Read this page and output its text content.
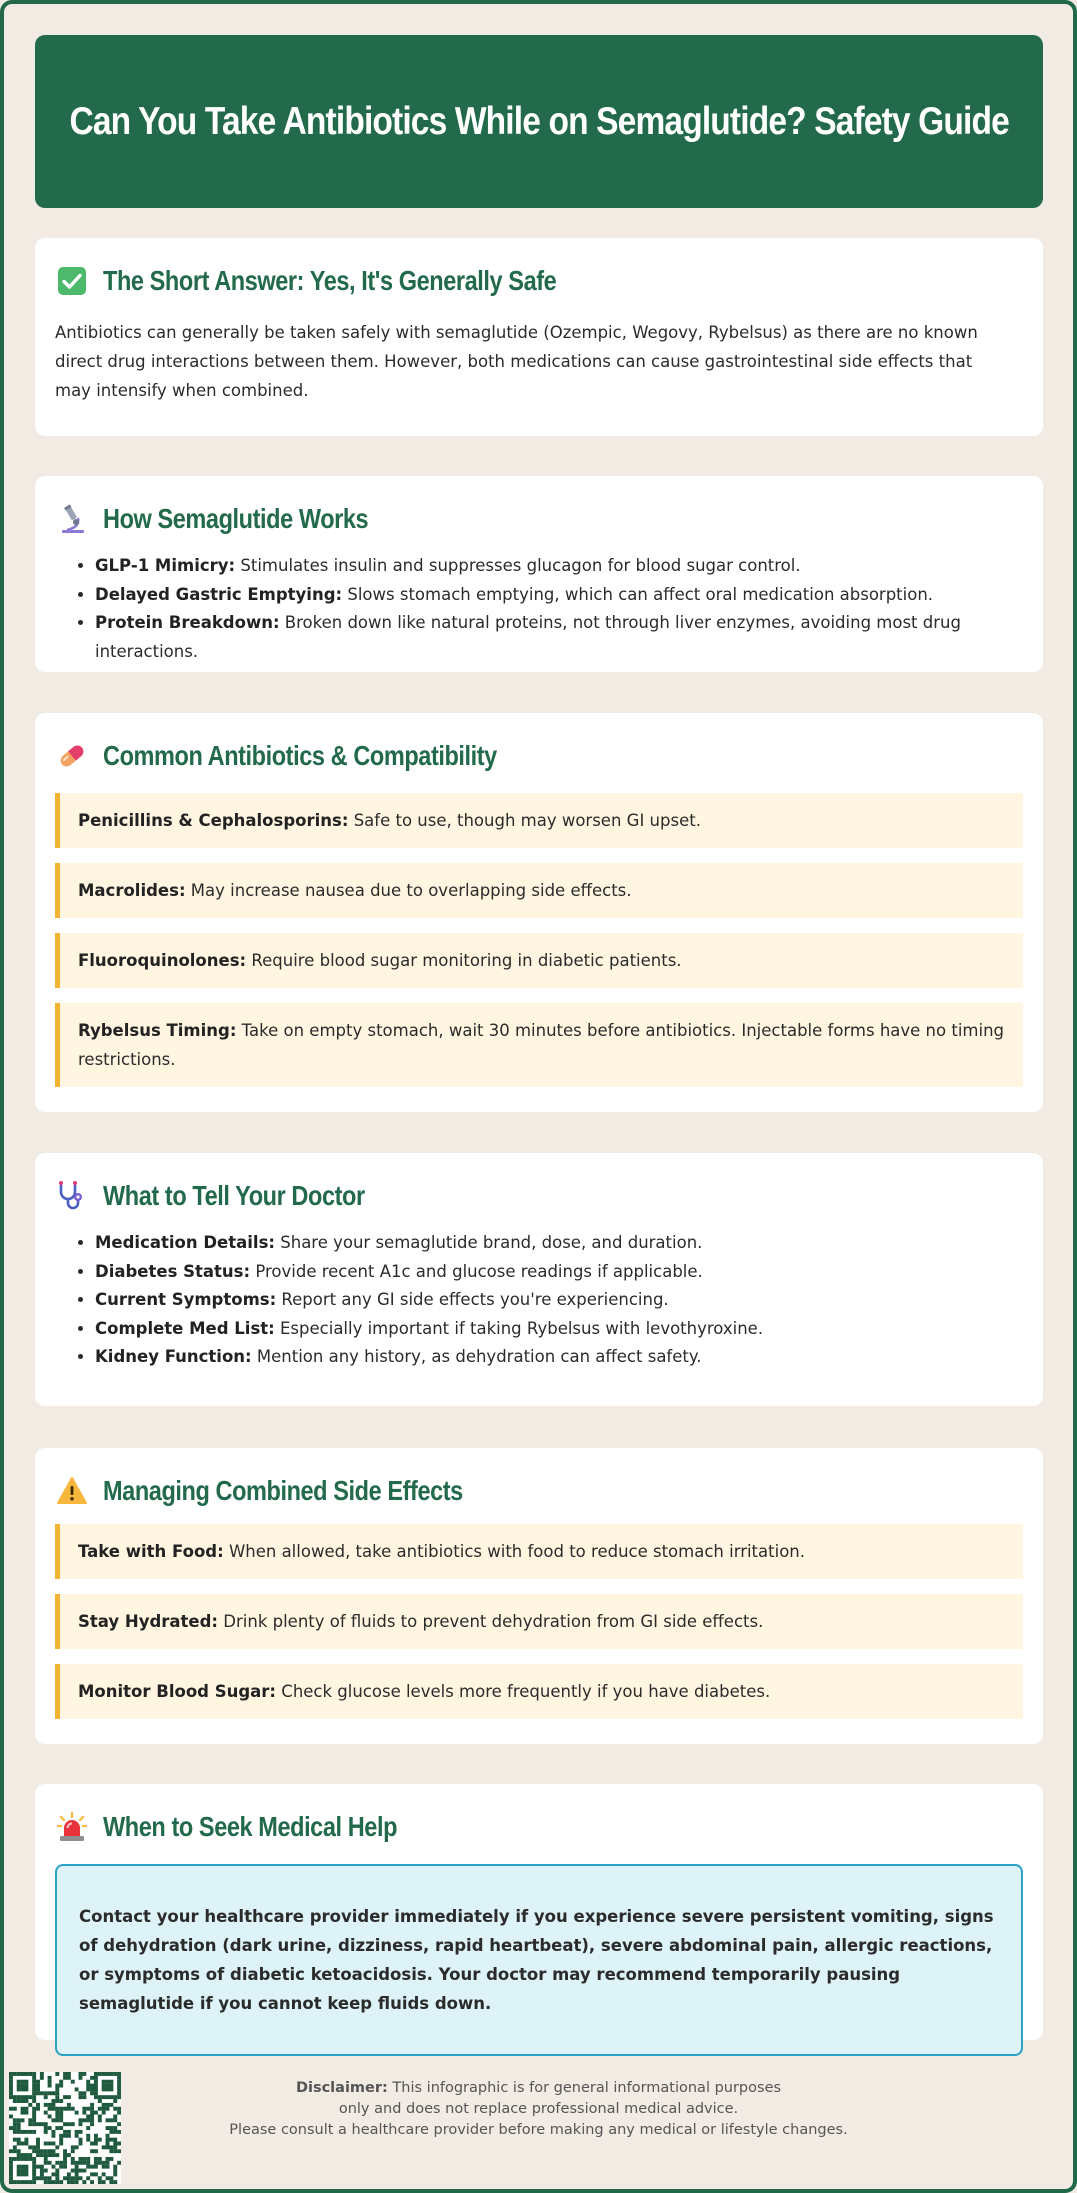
Can You Take Antibiotics While on Semaglutide? Safety Guide
The Short Answer: Yes, It's Generally Safe

Antibiotics can generally be taken safely with semaglutide (Ozempic, Wegovy, Rybelsus) as there are no known direct drug interactions between them. However, both medications can cause gastrointestinal side effects that may intensify when combined.

How Semaglutide Works
• GLP-1 Mimicry: Stimulates insulin and suppresses glucagon for blood sugar control.
• Delayed Gastric Emptying: Slows stomach emptying, which can affect oral medication absorption.
• Protein Breakdown: Broken down like natural proteins, not through liver enzymes, avoiding most drug interactions.
Common Antibiotics & Compatibility
Penicillins & Cephalosporins: Safe to use, though may worsen GI upset.
Macrolides: May increase nausea due to overlapping side effects.
Fluoroquinolones: Require blood sugar monitoring in diabetic patients.
Rybelsus Timing: Take on empty stomach, wait 30 minutes before antibiotics. Injectable forms have no timing restrictions.
What to Tell Your Doctor
• Medication Details: Share your semaglutide brand, dose, and duration.
• Diabetes Status: Provide recent A1c and glucose readings if applicable.
• Current Symptoms: Report any GI side effects you're experiencing.
• Complete Med List: Especially important if taking Rybelsus with levothyroxine.
• Kidney Function: Mention any history, as dehydration can affect safety.
Managing Combined Side Effects
Take with Food: When allowed, take antibiotics with food to reduce stomach irritation.
Stay Hydrated: Drink plenty of fluids to prevent dehydration from GI side effects.
Monitor Blood Sugar: Check glucose levels more frequently if you have diabetes.
When to Seek Medical Help
Contact your healthcare provider immediately if you experience severe persistent vomiting, signs of dehydration (dark urine, dizziness, rapid heartbeat), severe abdominal pain, allergic reactions, or symptoms of diabetic ketoacidosis. Your doctor may recommend temporarily pausing semaglutide if you cannot keep fluids down.
Disclaimer: This infographic is for general informational purposes
only and does not replace professional medical advice.
Please consult a healthcare provider before making any medical or lifestyle changes.
